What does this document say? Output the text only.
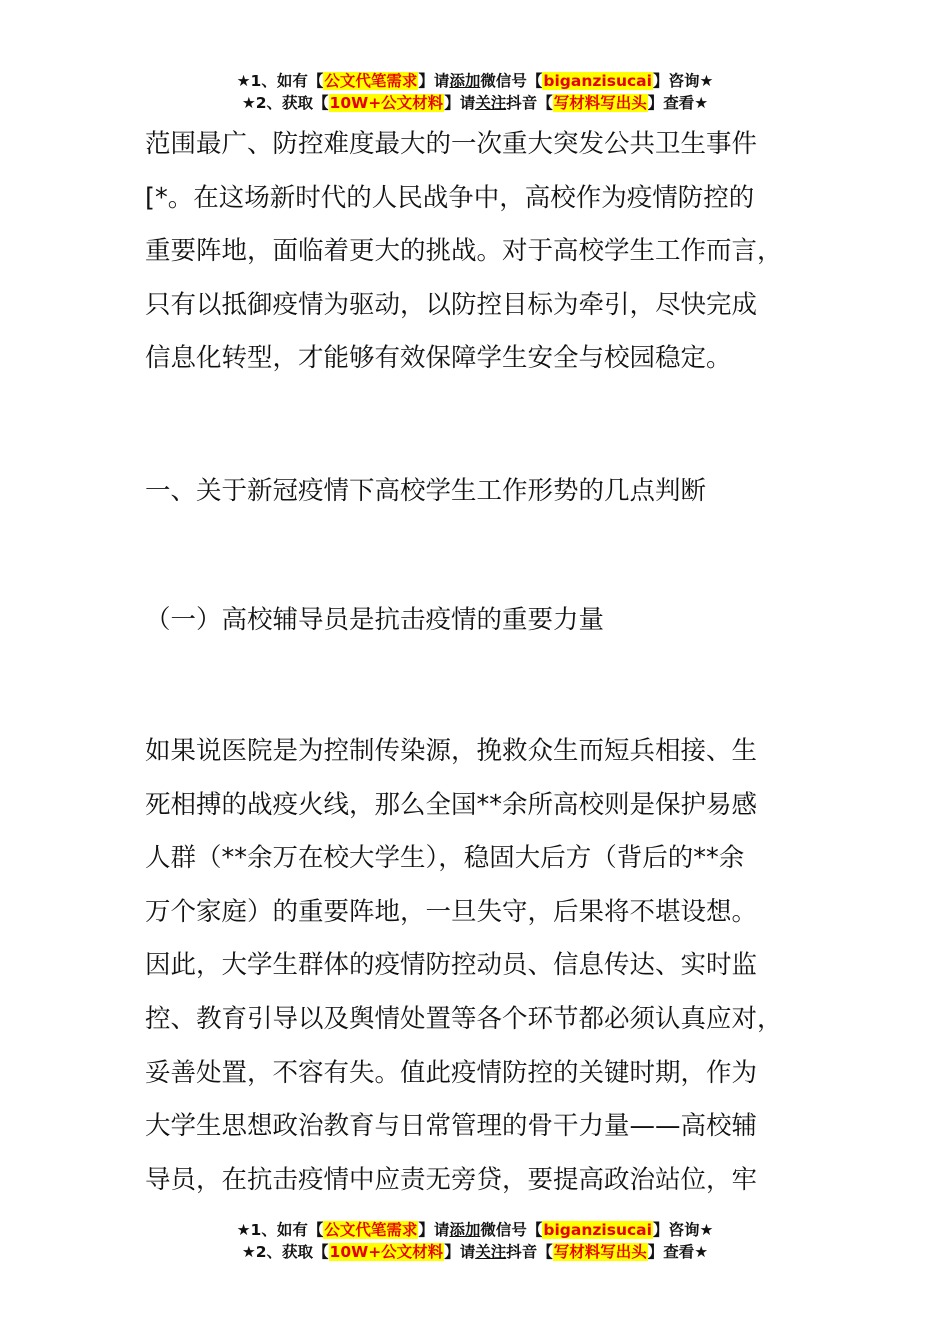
★1、如有【公文代笔需求】请添加微信号【biganzisucai】咨询★
★2、获取【10W+公文材料】请关注抖音【写材料写出头】查看★

范围最广、防控难度最大的一次重大突发公共卫生事件

[*。在这场新时代的人民战争中，高校作为疫情防控的

重要阵地，面临着更大的挑战。对于高校学生工作而言，

只有以抵御疫情为驱动，以防控目标为牵引，尽快完成

信息化转型，才能够有效保障学生安全与校园稳定。

一、关于新冠疫情下高校学生工作形势的几点判断

（一）高校辅导员是抗击疫情的重要力量

如果说医院是为控制传染源，挽救众生而短兵相接、生

死相搏的战疫火线，那么全国**余所高校则是保护易感

人群（**余万在校大学生），稳固大后方（背后的**余

万个家庭）的重要阵地，一旦失守，后果将不堪设想。

因此，大学生群体的疫情防控动员、信息传达、实时监

控、教育引导以及舆情处置等各个环节都必须认真应对，

妥善处置，不容有失。值此疫情防控的关键时期，作为

大学生思想政治教育与日常管理的骨干力量——高校辅

导员，在抗击疫情中应责无旁贷，要提高政治站位，牢

★1、如有【公文代笔需求】请添加微信号【biganzisucai】咨询★
★2、获取【10W+公文材料】请关注抖音【写材料写出头】查看★
